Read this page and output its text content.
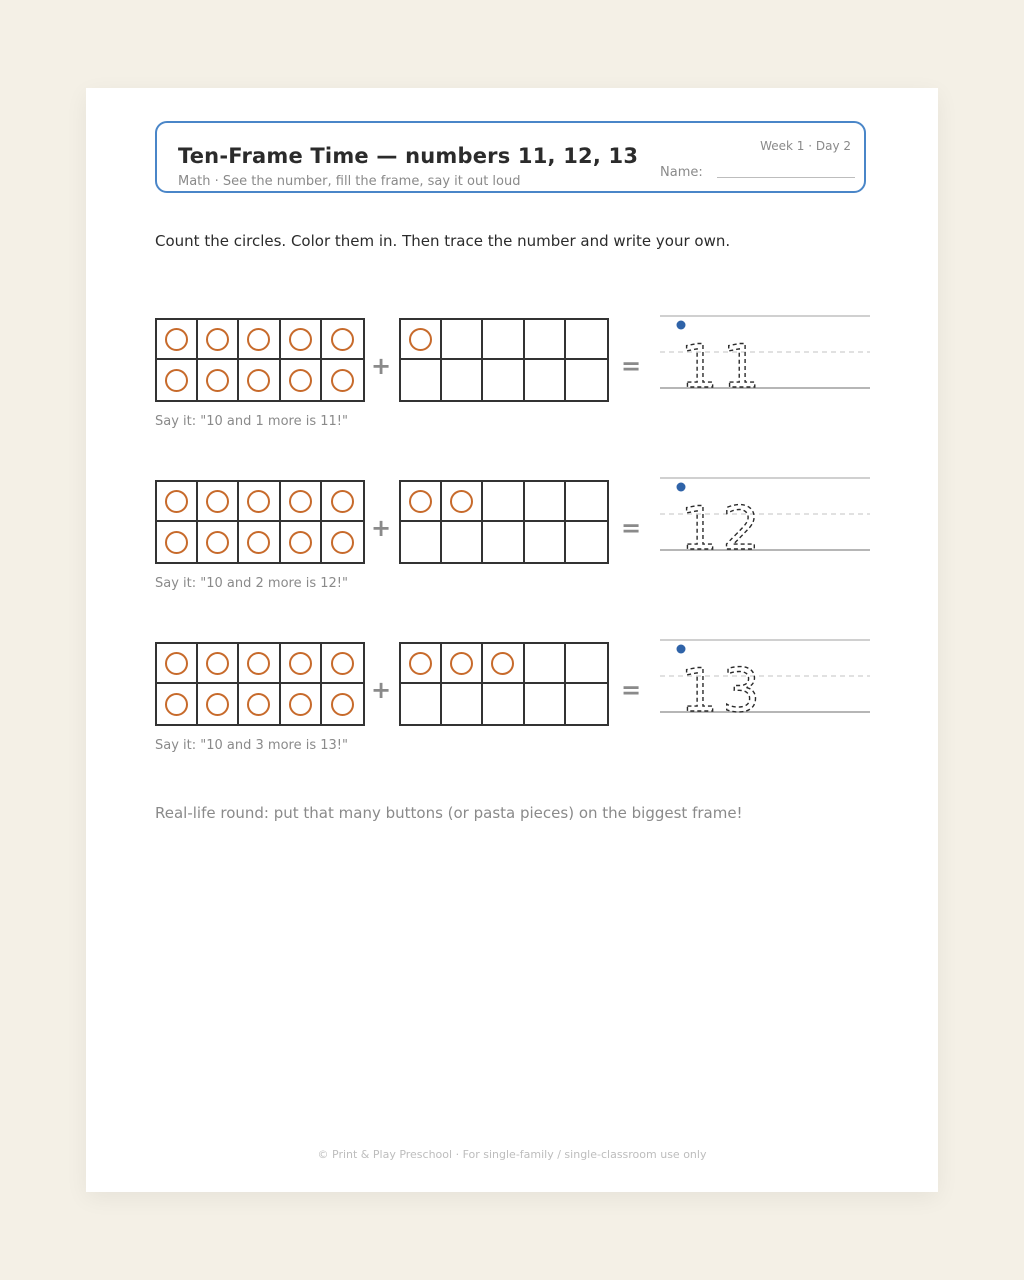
Ten-Frame Time — numbers 11, 12, 13
Math · See the number, fill the frame, say it out loud
Week 1 · Day 2
Name:
Count the circles. Color them in. Then trace the number and write your own.
+	=
Say it: "10 and 1 more is 11!"
11
+	=
Say it: "10 and 2 more is 12!"
12
+	=
Say it: "10 and 3 more is 13!"
13
Real-life round: put that many buttons (or pasta pieces) on the biggest frame!
© Print & Play Preschool · For single-family / single-classroom use only
